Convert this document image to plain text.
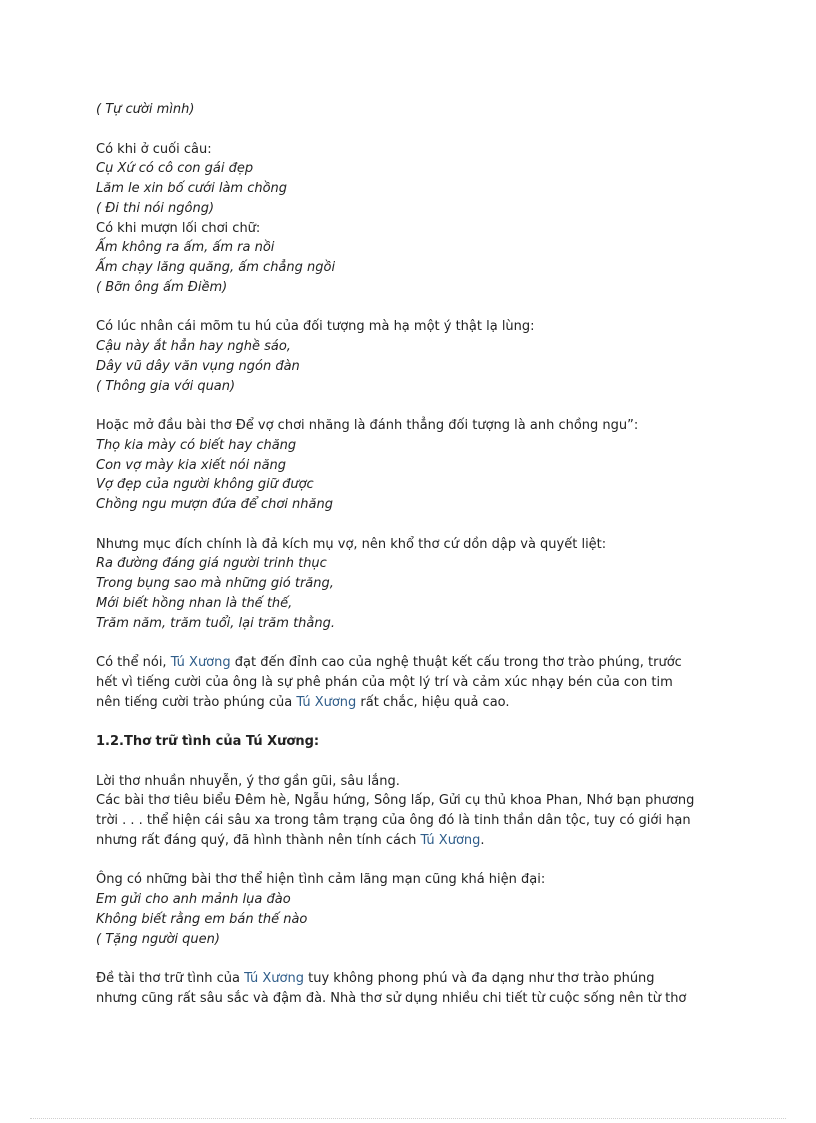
( Tự cười mình)
Có khi ở cuối câu:
Cụ Xứ có cô con gái đẹp
Lăm le xin bố cưới làm chồng
( Đi thi nói ngông)
Có khi mượn lối chơi chữ:
Ấm không ra ấm, ấm ra nồi
Ấm chạy lăng quăng, ấm chẳng ngồi
( Bỡn ông ấm Điềm)
Có lúc nhân cái mõm tu hú của đối tượng mà hạ một ý thật lạ lùng:
Cậu này ắt hẳn hay nghề sáo,
Dây vũ dây văn vụng ngón đàn
( Thông gia với quan)
Hoặc mở đầu bài thơ Để vợ chơi nhăng là đánh thẳng đối tượng là anh chồng ngu”:
Thọ kia mày có biết hay chăng
Con vợ mày kia xiết nói năng
Vợ đẹp của người không giữ được
Chồng ngu mượn đứa để chơi nhăng
Nhưng mục đích chính là đả kích mụ vợ, nên khổ thơ cứ dồn dập và quyết liệt:
Ra đường đáng giá người trinh thục
Trong bụng sao mà những gió trăng,
Mới biết hồng nhan là thế thế,
Trăm năm, trăm tuổi, lại trăm thằng.
Có thể nói, Tú Xương đạt đến đỉnh cao của nghệ thuật kết cấu trong thơ trào phúng, trước
hết vì tiếng cười của ông là sự phê phán của một lý trí và cảm xúc nhạy bén của con tim
nên tiếng cười trào phúng của Tú Xương rất chắc, hiệu quả cao.
1.2.Thơ trữ tình của Tú Xương:
Lời thơ nhuần nhuyễn, ý thơ gần gũi, sâu lắng.
Các bài thơ tiêu biểu Đêm hè, Ngẫu hứng, Sông lấp, Gửi cụ thủ khoa Phan, Nhớ bạn phương
trời . . . thể hiện cái sâu xa trong tâm trạng của ông đó là tinh thần dân tộc, tuy có giới hạn
nhưng rất đáng quý, đã hình thành nên tính cách Tú Xương.
Ông có những bài thơ thể hiện tình cảm lãng mạn cũng khá hiện đại:
Em gửi cho anh mảnh lụa đào
Không biết rằng em bán thế nào
( Tặng người quen)
Đề tài thơ trữ tình của Tú Xương tuy không phong phú và đa dạng như thơ trào phúng
nhưng cũng rất sâu sắc và đậm đà. Nhà thơ sử dụng nhiều chi tiết từ cuộc sống nên từ thơ
